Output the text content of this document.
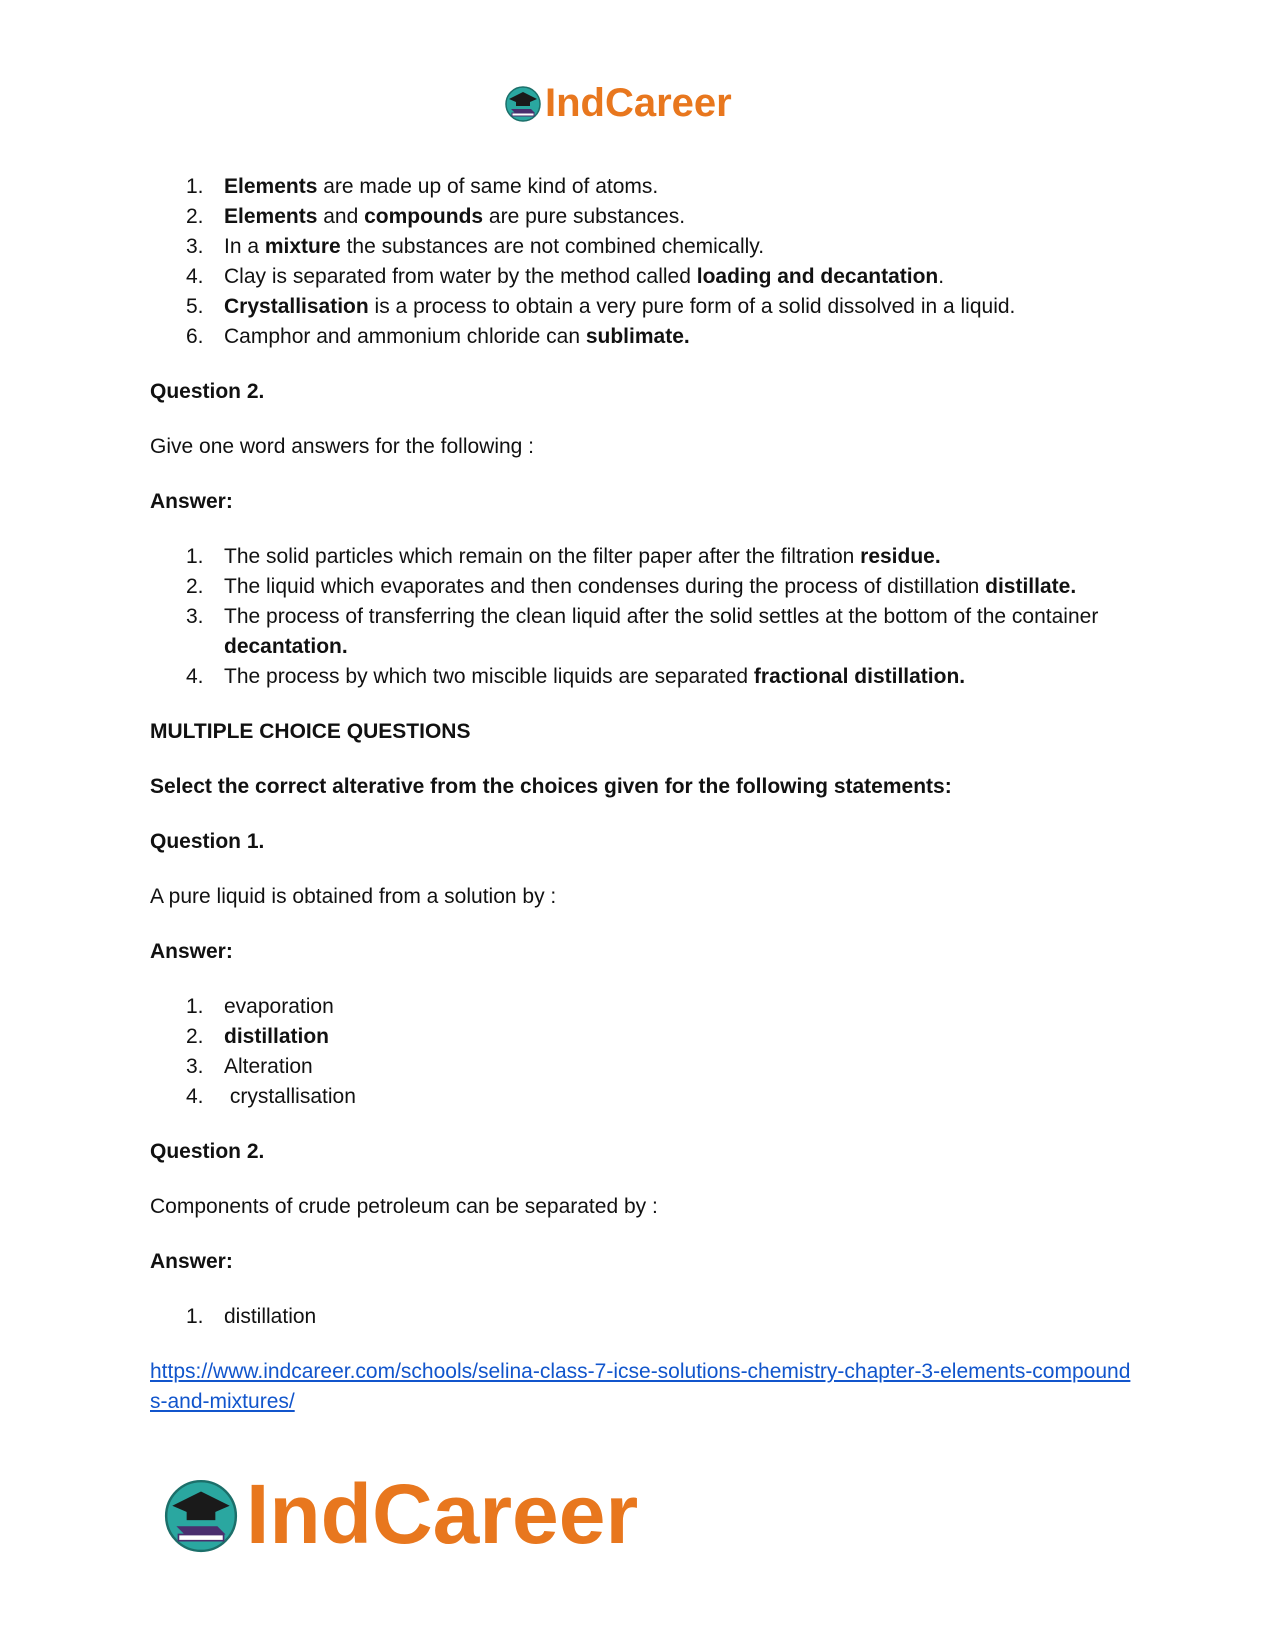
IndCareer
1. Elements are made up of same kind of atoms.
2. Elements and compounds are pure substances.
3. In a mixture the substances are not combined chemically.
4. Clay is separated from water by the method called loading and decantation.
5. Crystallisation is a process to obtain a very pure form of a solid dissolved in a liquid.
6. Camphor and ammonium chloride can sublimate.

Question 2.

Give one word answers for the following :

Answer:

1. The solid particles which remain on the filter paper after the filtration residue.
2. The liquid which evaporates and then condenses during the process of distillation distillate.
3. The process of transferring the clean liquid after the solid settles at the bottom of the container decantation.
4. The process by which two miscible liquids are separated fractional distillation.

MULTIPLE CHOICE QUESTIONS

Select the correct alterative from the choices given for the following statements:

Question 1.

A pure liquid is obtained from a solution by :

Answer:

1. evaporation
2. distillation
3. Alteration
4. crystallisation

Question 2.

Components of crude petroleum can be separated by :

Answer:

1. distillation

https://www.indcareer.com/schools/selina-class-7-icse-solutions-chemistry-chapter-3-elements-compounds-and-mixtures/

IndCareer
